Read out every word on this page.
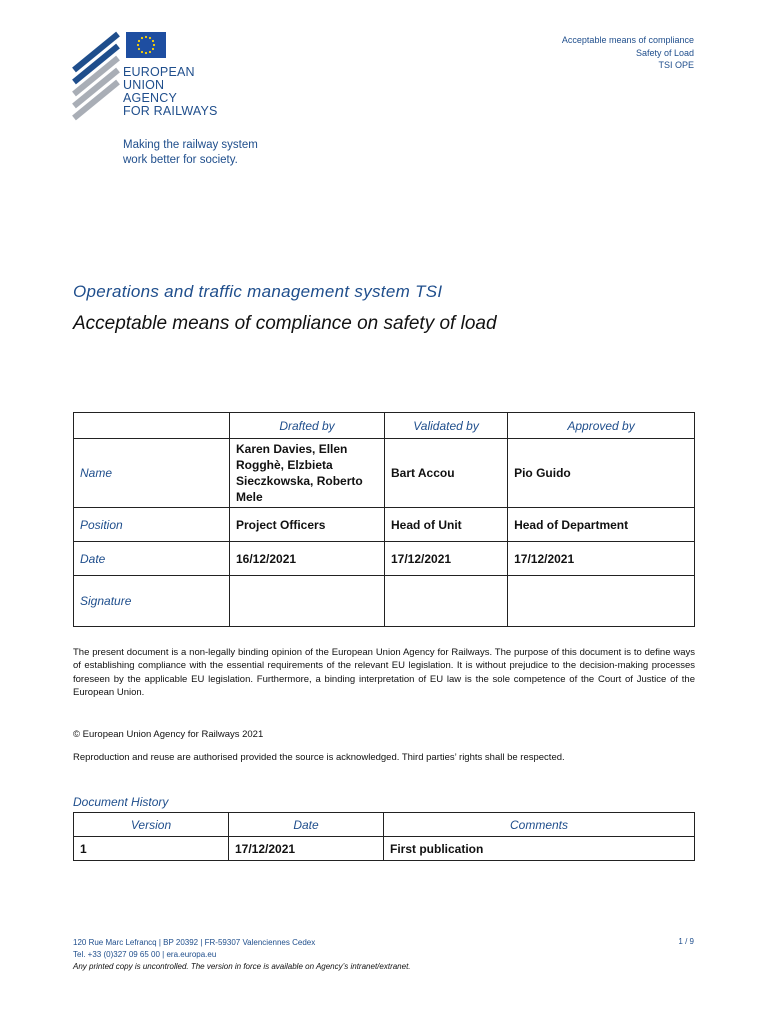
EUROPEAN
UNION
AGENCY
FOR RAILWAYS
Making the railway system
work better for society.
Acceptable means of compliance
Safety of Load
TSI OPE
Operations and traffic management system TSI
Acceptable means of compliance on safety of load
	Drafted by	Validated by	Approved by
Name	Karen Davies, Ellen Rogghè, Elzbieta Sieczkowska, Roberto Mele	Bart Accou	Pio Guido
Position	Project Officers	Head of Unit	Head of Department
Date	16/12/2021	17/12/2021	17/12/2021
Signature			
The present document is a non-legally binding opinion of the European Union Agency for Railways. The purpose of this document is to define ways of establishing compliance with the essential requirements of the relevant EU legislation. It is without prejudice to the decision-making processes foreseen by the applicable EU legislation. Furthermore, a binding interpretation of EU law is the sole competence of the Court of Justice of the European Union.
© European Union Agency for Railways 2021
Reproduction and reuse are authorised provided the source is acknowledged. Third parties’ rights shall be respected.
Document History
Version	Date	Comments
1	17/12/2021	First publication
120 Rue Marc Lefrancq | BP 20392 | FR-59307 Valenciennes Cedex
Tel. +33 (0)327 09 65 00 | era.europa.eu
Any printed copy is uncontrolled. The version in force is available on Agency’s intranet/extranet.
1 / 9
